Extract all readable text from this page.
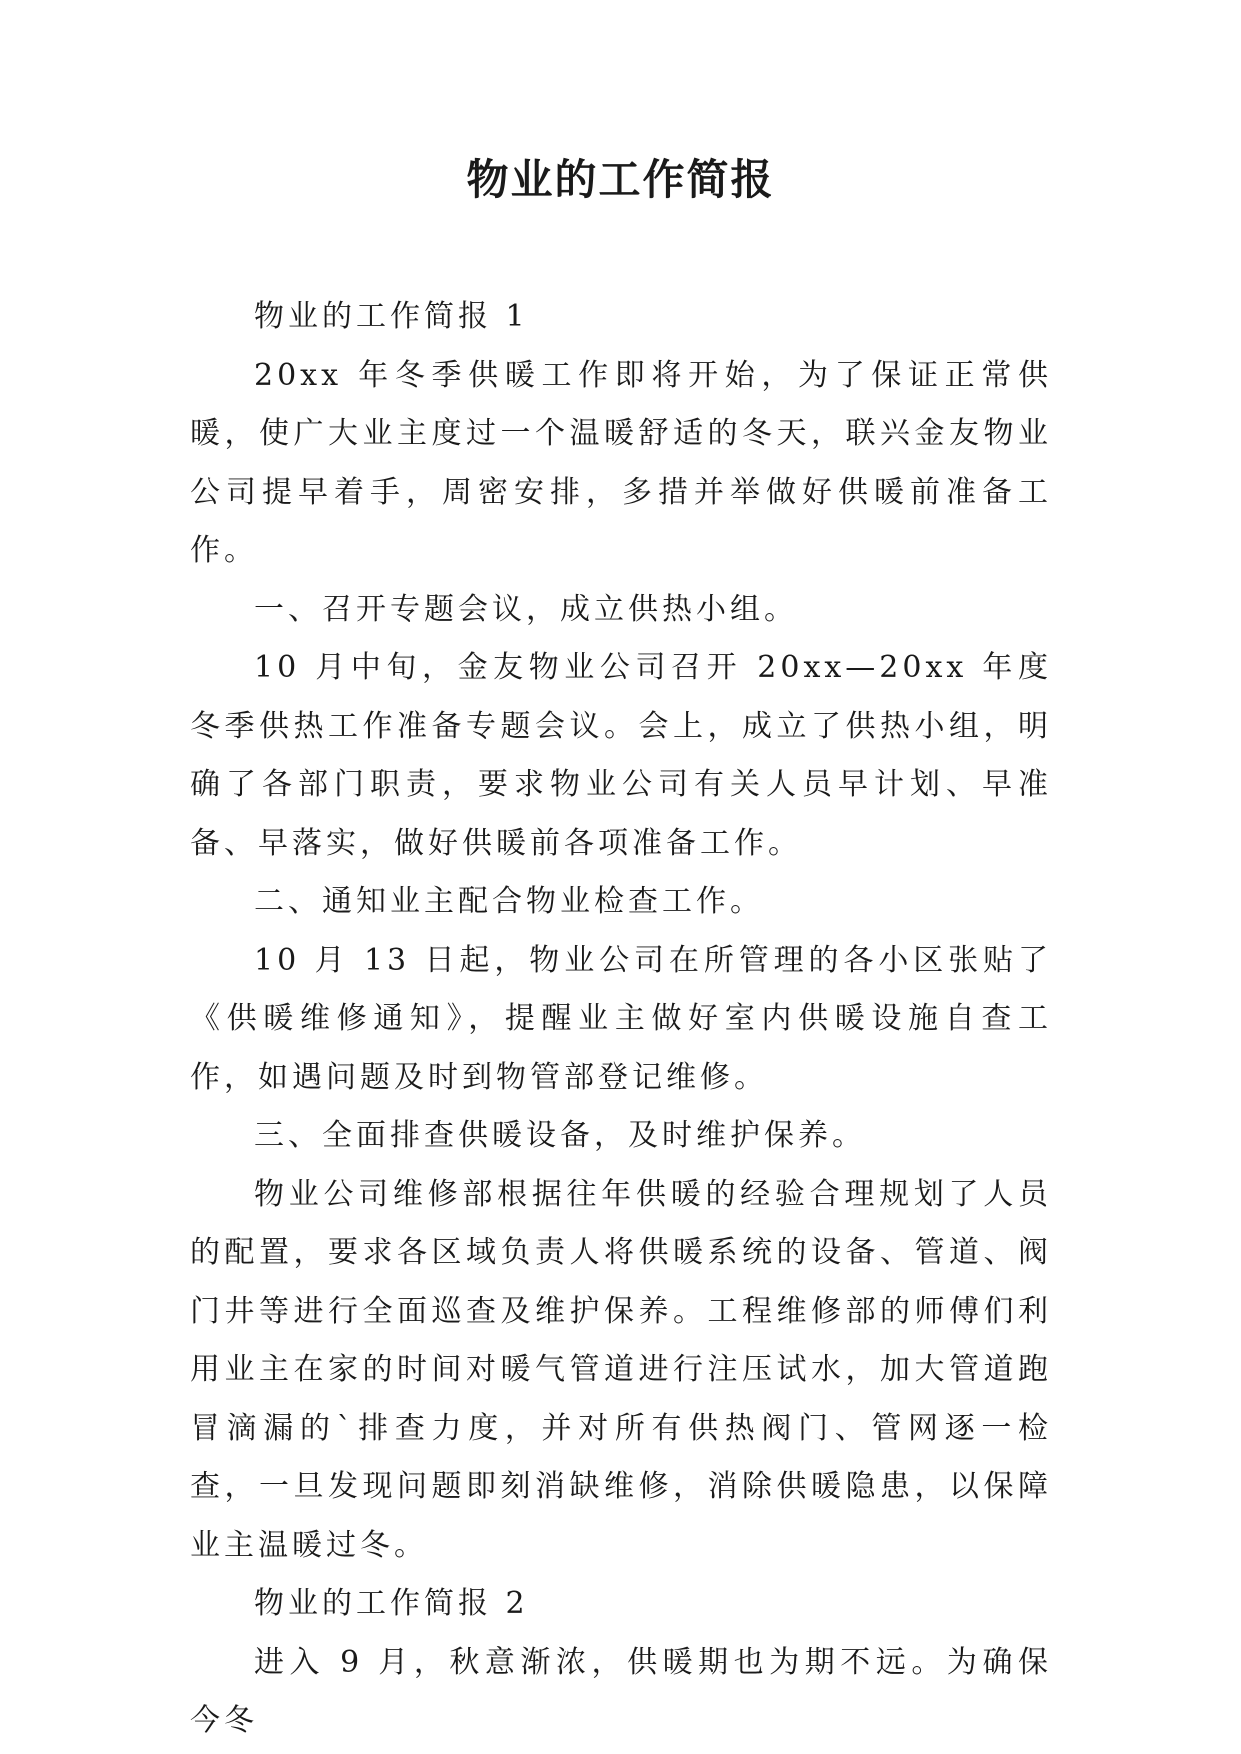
物业的工作简报

物业的工作简报 1

20xx 年冬季供暖工作即将开始，为了保证正常供暖，使广大业主度过一个温暖舒适的冬天，联兴金友物业公司提早着手，周密安排，多措并举做好供暖前准备工作。

一、召开专题会议，成立供热小组。

10 月中旬，金友物业公司召开 20xx—20xx 年度冬季供热工作准备专题会议。会上，成立了供热小组，明确了各部门职责，要求物业公司有关人员早计划、早准备、早落实，做好供暖前各项准备工作。

二、通知业主配合物业检查工作。

10 月 13 日起，物业公司在所管理的各小区张贴了《供暖维修通知》，提醒业主做好室内供暖设施自查工作，如遇问题及时到物管部登记维修。

三、全面排查供暖设备，及时维护保养。

物业公司维修部根据往年供暖的经验合理规划了人员的配置，要求各区域负责人将供暖系统的设备、管道、阀门井等进行全面巡查及维护保养。工程维修部的师傅们利用业主在家的时间对暖气管道进行注压试水，加大管道跑冒滴漏的`排查力度，并对所有供热阀门、管网逐一检查，一旦发现问题即刻消缺维修，消除供暖隐患，以保障业主温暖过冬。

物业的工作简报 2

进入 9 月，秋意渐浓，供暖期也为期不远。为确保今冬
